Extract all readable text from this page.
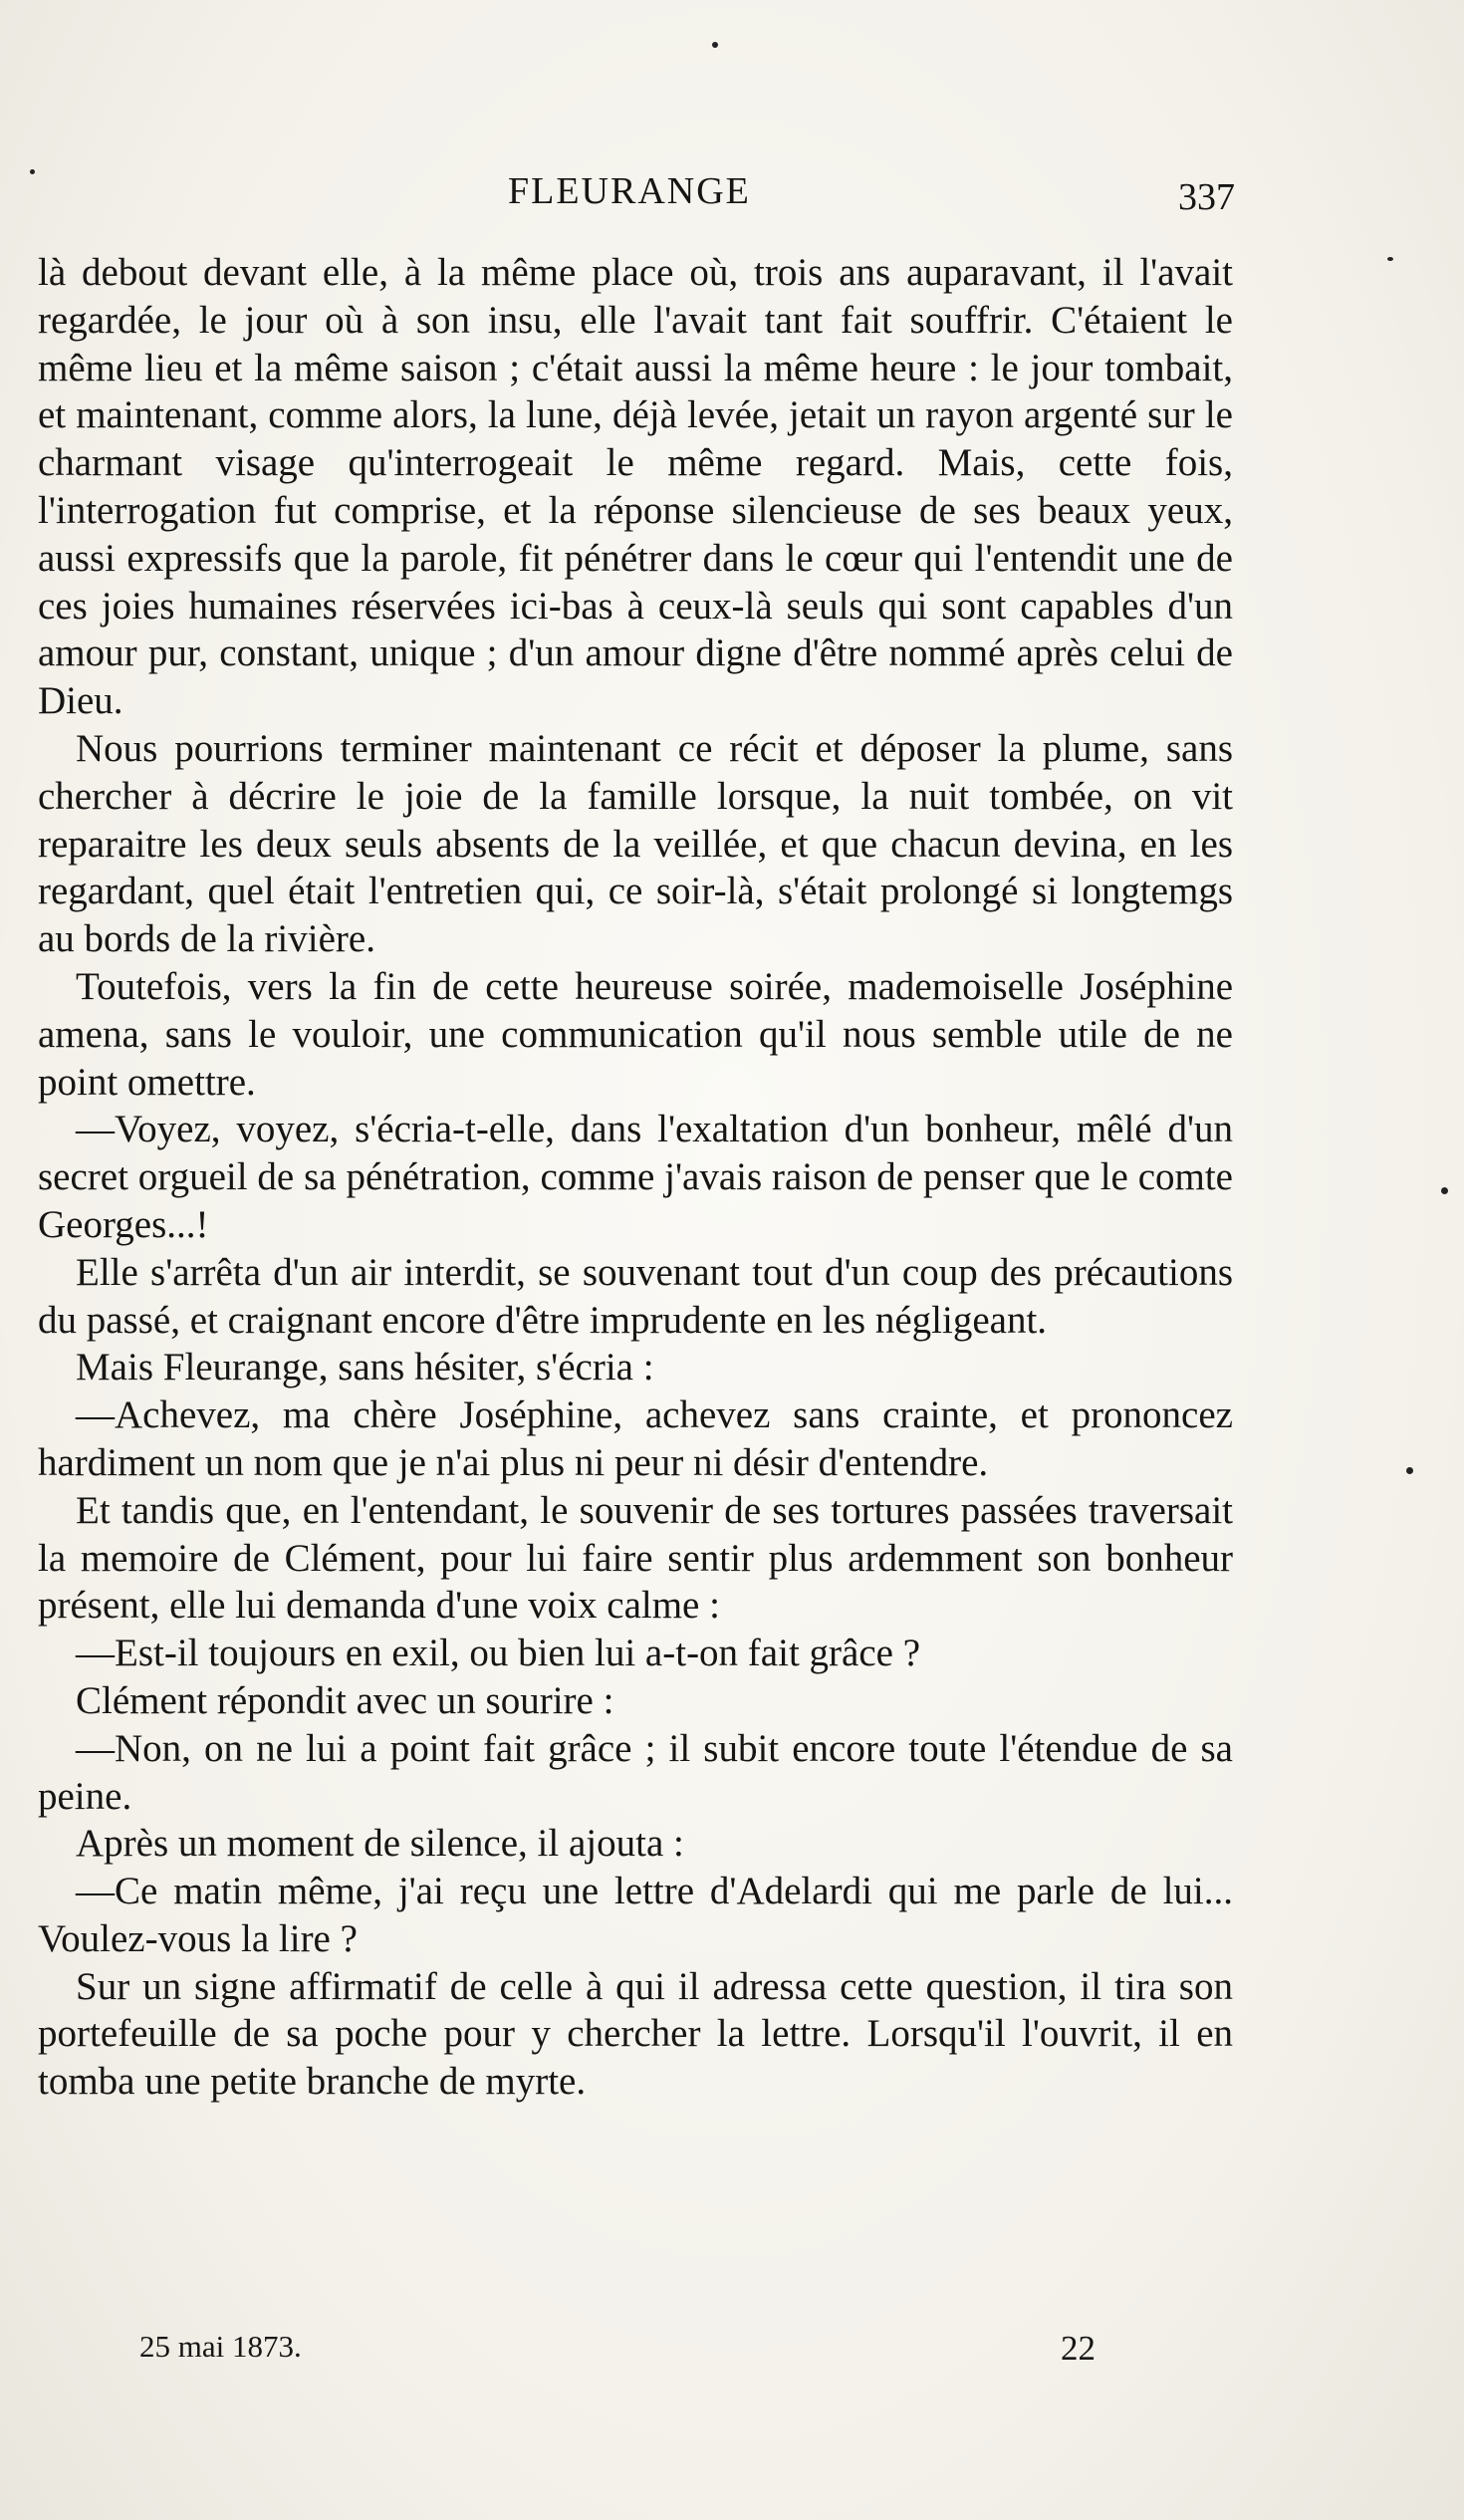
FLEURANGE	337

là debout devant elle, à la même place où, trois ans auparavant, il l'avait regardée, le jour où à son insu, elle l'avait tant fait souffrir. C'étaient le même lieu et la même saison ; c'était aussi la même heure : le jour tombait, et maintenant, comme alors, la lune, déjà levée, jetait un rayon argenté sur le charmant visage qu'interrogeait le même regard. Mais, cette fois, l'interrogation fut comprise, et la réponse silencieuse de ses beaux yeux, aussi expressifs que la parole, fit pénétrer dans le cœur qui l'entendit une de ces joies humaines réservées ici-bas à ceux-là seuls qui sont capables d'un amour pur, constant, unique ; d'un amour digne d'être nommé après celui de Dieu.

Nous pourrions terminer maintenant ce récit et déposer la plume, sans chercher à décrire le joie de la famille lorsque, la nuit tombée, on vit reparaitre les deux seuls absents de la veillée, et que chacun devina, en les regardant, quel était l'entretien qui, ce soir-là, s'était prolongé si longtemgs au bords de la rivière.

Toutefois, vers la fin de cette heureuse soirée, mademoiselle Joséphine amena, sans le vouloir, une communication qu'il nous semble utile de ne point omettre.

—Voyez, voyez, s'écria-t-elle, dans l'exaltation d'un bonheur, mêlé d'un secret orgueil de sa pénétration, comme j'avais raison de penser que le comte Georges...!

Elle s'arrêta d'un air interdit, se souvenant tout d'un coup des précautions du passé, et craignant encore d'être imprudente en les négligeant.

Mais Fleurange, sans hésiter, s'écria :

—Achevez, ma chère Joséphine, achevez sans crainte, et prononcez hardiment un nom que je n'ai plus ni peur ni désir d'entendre.

Et tandis que, en l'entendant, le souvenir de ses tortures passées traversait la memoire de Clément, pour lui faire sentir plus ardemment son bonheur présent, elle lui demanda d'une voix calme :

—Est-il toujours en exil, ou bien lui a-t-on fait grâce ?

Clément répondit avec un sourire :

—Non, on ne lui a point fait grâce ; il subit encore toute l'étendue de sa peine.

Après un moment de silence, il ajouta :

—Ce matin même, j'ai reçu une lettre d'Adelardi qui me parle de lui... Voulez-vous la lire ?

Sur un signe affirmatif de celle à qui il adressa cette question, il tira son portefeuille de sa poche pour y chercher la lettre. Lorsqu'il l'ouvrit, il en tomba une petite branche de myrte.

25 mai 1873.	22
